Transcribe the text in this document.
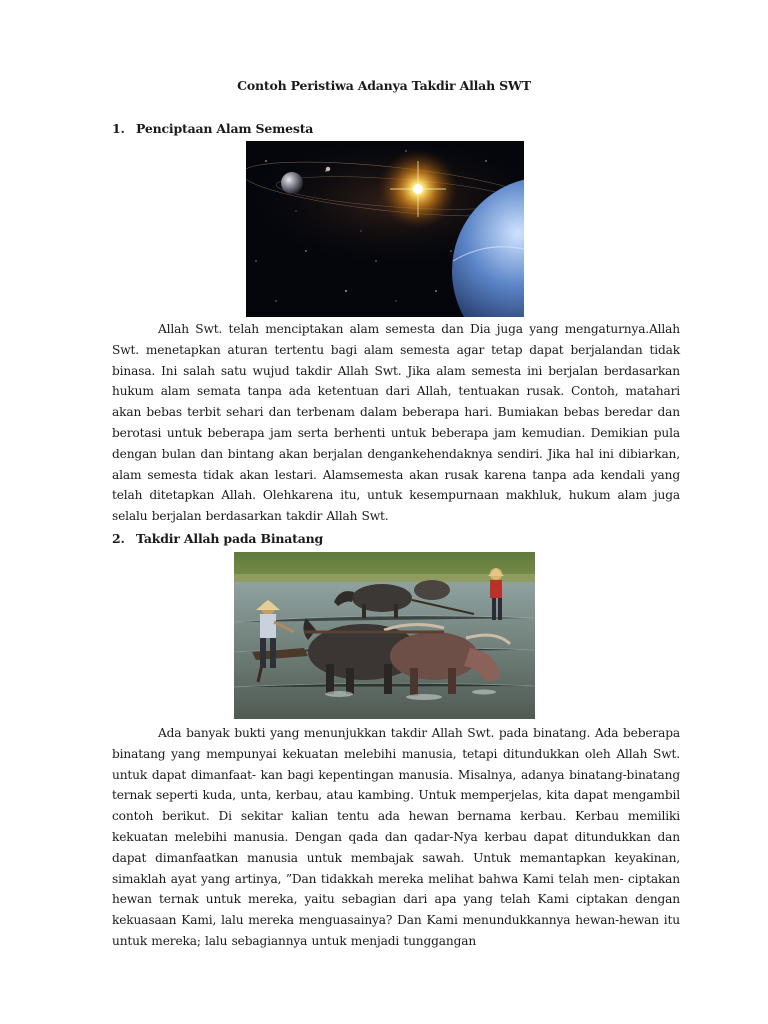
Contoh Peristiwa Adanya Takdir Allah SWT
1. Penciptaan Alam Semesta

Allah Swt. telah menciptakan alam semesta dan Dia juga yang mengaturnya.Allah Swt. menetapkan aturan tertentu bagi alam semesta agar tetap dapat berjalandan tidak binasa. Ini salah satu wujud takdir Allah Swt. Jika alam semesta ini berjalan berdasarkan hukum alam semata tanpa ada ketentuan dari Allah, tentuakan rusak. Contoh, matahari akan bebas terbit sehari dan terbenam dalam beberapa hari. Bumiakan bebas beredar dan berotasi untuk beberapa jam serta berhenti untuk beberapa jam kemudian. Demikian pula dengan bulan dan bintang akan berjalan dengankehendaknya sendiri. Jika hal ini dibiarkan, alam semesta tidak akan lestari. Alamsemesta akan rusak karena tanpa ada kendali yang telah ditetapkan Allah. Olehkarena itu, untuk kesempurnaan makhluk, hukum alam juga selalu berjalan berdasarkan takdir Allah Swt.

2. Takdir Allah pada Binatang

Ada banyak bukti yang menunjukkan takdir Allah Swt. pada binatang. Ada beberapa binatang yang mempunyai kekuatan melebihi manusia, tetapi ditundukkan oleh Allah Swt. untuk dapat dimanfaat- kan bagi kepentingan manusia. Misalnya, adanya binatang-binatang ternak seperti kuda, unta, kerbau, atau kambing. Untuk memperjelas, kita dapat mengambil contoh berikut. Di sekitar kalian tentu ada hewan bernama kerbau. Kerbau memiliki kekuatan melebihi manusia. Dengan qada dan qadar-Nya kerbau dapat ditundukkan dan dapat dimanfaatkan manusia untuk membajak sawah. Untuk memantapkan keyakinan, simaklah ayat yang artinya, ”Dan tidakkah mereka melihat bahwa Kami telah men- ciptakan hewan ternak untuk mereka, yaitu sebagian dari apa yang telah Kami ciptakan dengan kekuasaan Kami, lalu mereka menguasainya? Dan Kami menundukkannya hewan-hewan itu untuk mereka; lalu sebagiannya untuk menjadi tunggangan
